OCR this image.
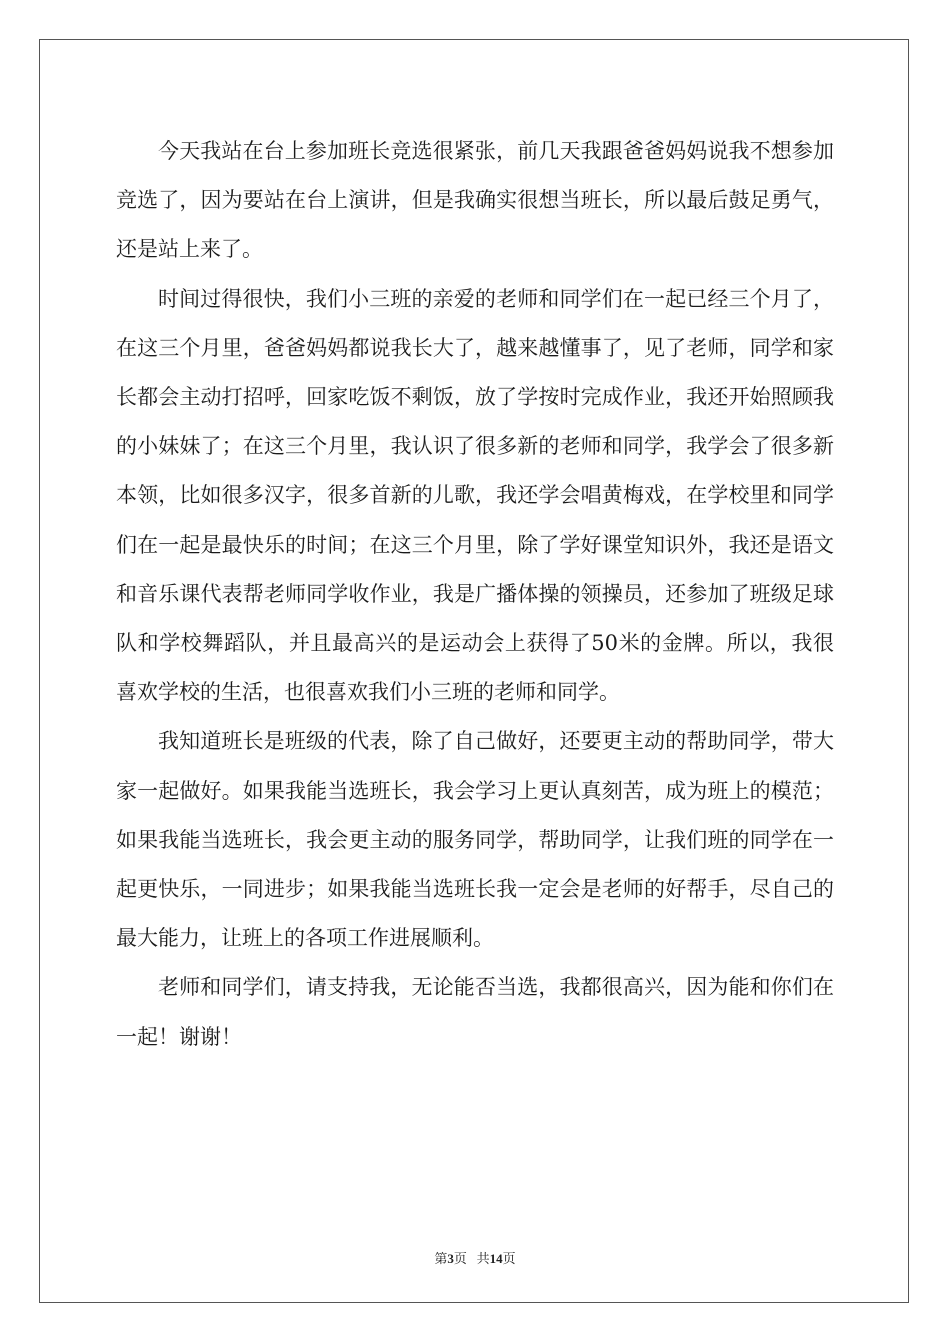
今天我站在台上参加班长竞选很紧张，前几天我跟爸爸妈妈说我不想参加竞选了，因为要站在台上演讲，但是我确实很想当班长，所以最后鼓足勇气，还是站上来了。

时间过得很快，我们小三班的亲爱的老师和同学们在一起已经三个月了，在这三个月里，爸爸妈妈都说我长大了，越来越懂事了，见了老师，同学和家长都会主动打招呼，回家吃饭不剩饭，放了学按时完成作业，我还开始照顾我的小妹妹了；在这三个月里，我认识了很多新的老师和同学，我学会了很多新本领，比如很多汉字，很多首新的儿歌，我还学会唱黄梅戏，在学校里和同学们在一起是最快乐的时间；在这三个月里，除了学好课堂知识外，我还是语文和音乐课代表帮老师同学收作业，我是广播体操的领操员，还参加了班级足球队和学校舞蹈队，并且最高兴的是运动会上获得了50米的金牌。所以，我很喜欢学校的生活，也很喜欢我们小三班的老师和同学。

我知道班长是班级的代表，除了自己做好，还要更主动的帮助同学，带大家一起做好。如果我能当选班长，我会学习上更认真刻苦，成为班上的模范；如果我能当选班长，我会更主动的服务同学，帮助同学，让我们班的同学在一起更快乐，一同进步；如果我能当选班长我一定会是老师的好帮手，尽自己的最大能力，让班上的各项工作进展顺利。

老师和同学们，请支持我，无论能否当选，我都很高兴，因为能和你们在一起！谢谢！

第3页 共14页
